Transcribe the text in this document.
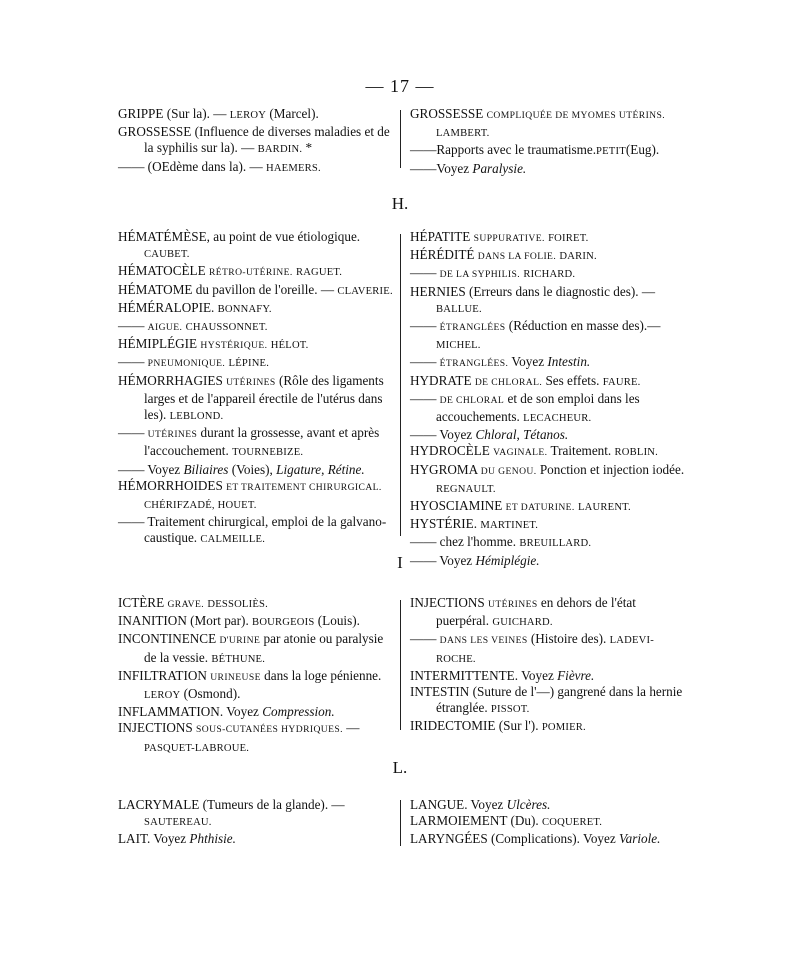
— 17 —

GRIPPE (Sur la). — LEROY (Marcel).

GROSSESSE (Influence de diverses maladies et de la syphilis sur la). — BARDIN. *

—— (OEdème dans la). — HAEMERS.

GROSSESSE COMPLIQUÉE DE MYOMES UTÉRINS. LAMBERT.

——Rapports avec le traumatisme.PETIT(Eug).

——Voyez Paralysie.

H.

HÉMATÉMÈSE, au point de vue étiologique. CAUBET.

HÉMATOCÈLE RÉTRO-UTÉRINE. RAGUET.

HÉMATOME du pavillon de l'oreille. — CLAVERIE.

HÉMÉRALOPIE. BONNAFY.

—— AIGUE. CHAUSSONNET.

HÉMIPLÉGIE HYSTÉRIQUE. HÉLOT.

—— PNEUMONIQUE. LÉPINE.

HÉMORRHAGIES UTÉRINES (Rôle des ligaments larges et de l'appareil érectile de l'utérus dans les). LEBLOND.

—— UTÉRINES durant la grossesse, avant et après l'accouchement. TOURNEBIZE.

—— Voyez Biliaires (Voies), Ligature, Rétine.

HÉMORRHOIDES ET TRAITEMENT CHIRURGICAL. CHÉRIFZADÉ, HOUET.

—— Traitement chirurgical, emploi de la galvano-caustique. CALMEILLE.

HÉPATITE SUPPURATIVE. FOIRET.

HÉRÉDITÉ DANS LA FOLIE. DARIN.

—— DE LA SYPHILIS. RICHARD.

HERNIES (Erreurs dans le diagnostic des). — BALLUE.

—— ÉTRANGLÉES (Réduction en masse des).— MICHEL.

—— ÉTRANGLÉES. Voyez Intestin.

HYDRATE DE CHLORAL. Ses effets. FAURE.

—— DE CHLORAL et de son emploi dans les accouchements. LECACHEUR.

—— Voyez Chloral, Tétanos.

HYDROCÈLE VAGINALE. Traitement. ROBLIN.

HYGROMA DU GENOU. Ponction et injection iodée. REGNAULT.

HYOSCIAMINE ET DATURINE. LAURENT.

HYSTÉRIE. MARTINET.

—— chez l'homme. BREUILLARD.

—— Voyez Hémiplégie.

I

ICTÈRE GRAVE. DESSOLIÈS.

INANITION (Mort par). BOURGEOIS (Louis).

INCONTINENCE D'URINE par atonie ou paralysie de la vessie. BÉTHUNE.

INFILTRATION URINEUSE dans la loge pénienne. LEROY (Osmond).

INFLAMMATION. Voyez Compression.

INJECTIONS SOUS-CUTANÉES HYDRIQUES. — PASQUET-LABROUE.

INJECTIONS UTÉRINES en dehors de l'état puerpéral. GUICHARD.

—— DANS LES VEINES (Histoire des). LADEVI-ROCHE.

INTERMITTENTE. Voyez Fièvre.

INTESTIN (Suture de l'—) gangrené dans la hernie étranglée. PISSOT.

IRIDECTOMIE (Sur l'). POMIER.

L.

LACRYMALE (Tumeurs de la glande). — SAUTEREAU.

LAIT. Voyez Phthisie.

LANGUE. Voyez Ulcères.

LARMOIEMENT (Du). COQUERET.

LARYNGÉES (Complications). Voyez Variole.
